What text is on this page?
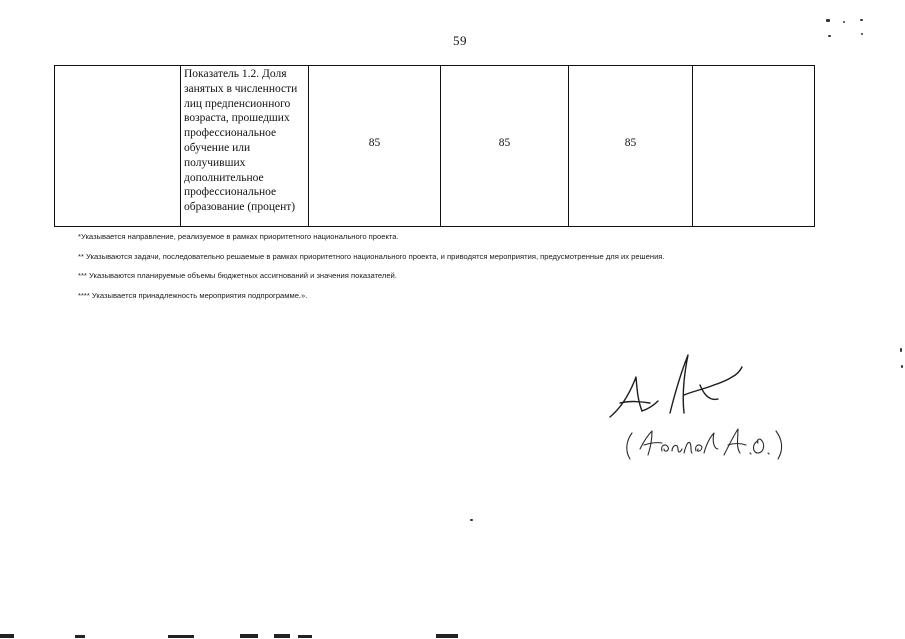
59

Показатель 1.2. Доля
занятых в численности
лиц предпенсионного
возраста, прошедших
профессиональное
обучение или
получивших
дополнительное
профессиональное
образование (процент)
	85	85	85	
*Указывается направление, реализуемое в рамках приоритетного национального проекта.
** Указываются задачи, последовательно решаемые в рамках приоритетного национального проекта, и приводятся мероприятия, предусмотренные для их решения.
*** Указываются планируемые объемы бюджетных ассигнований и значения показателей.
**** Указывается принадлежность мероприятия подпрограмме.».
